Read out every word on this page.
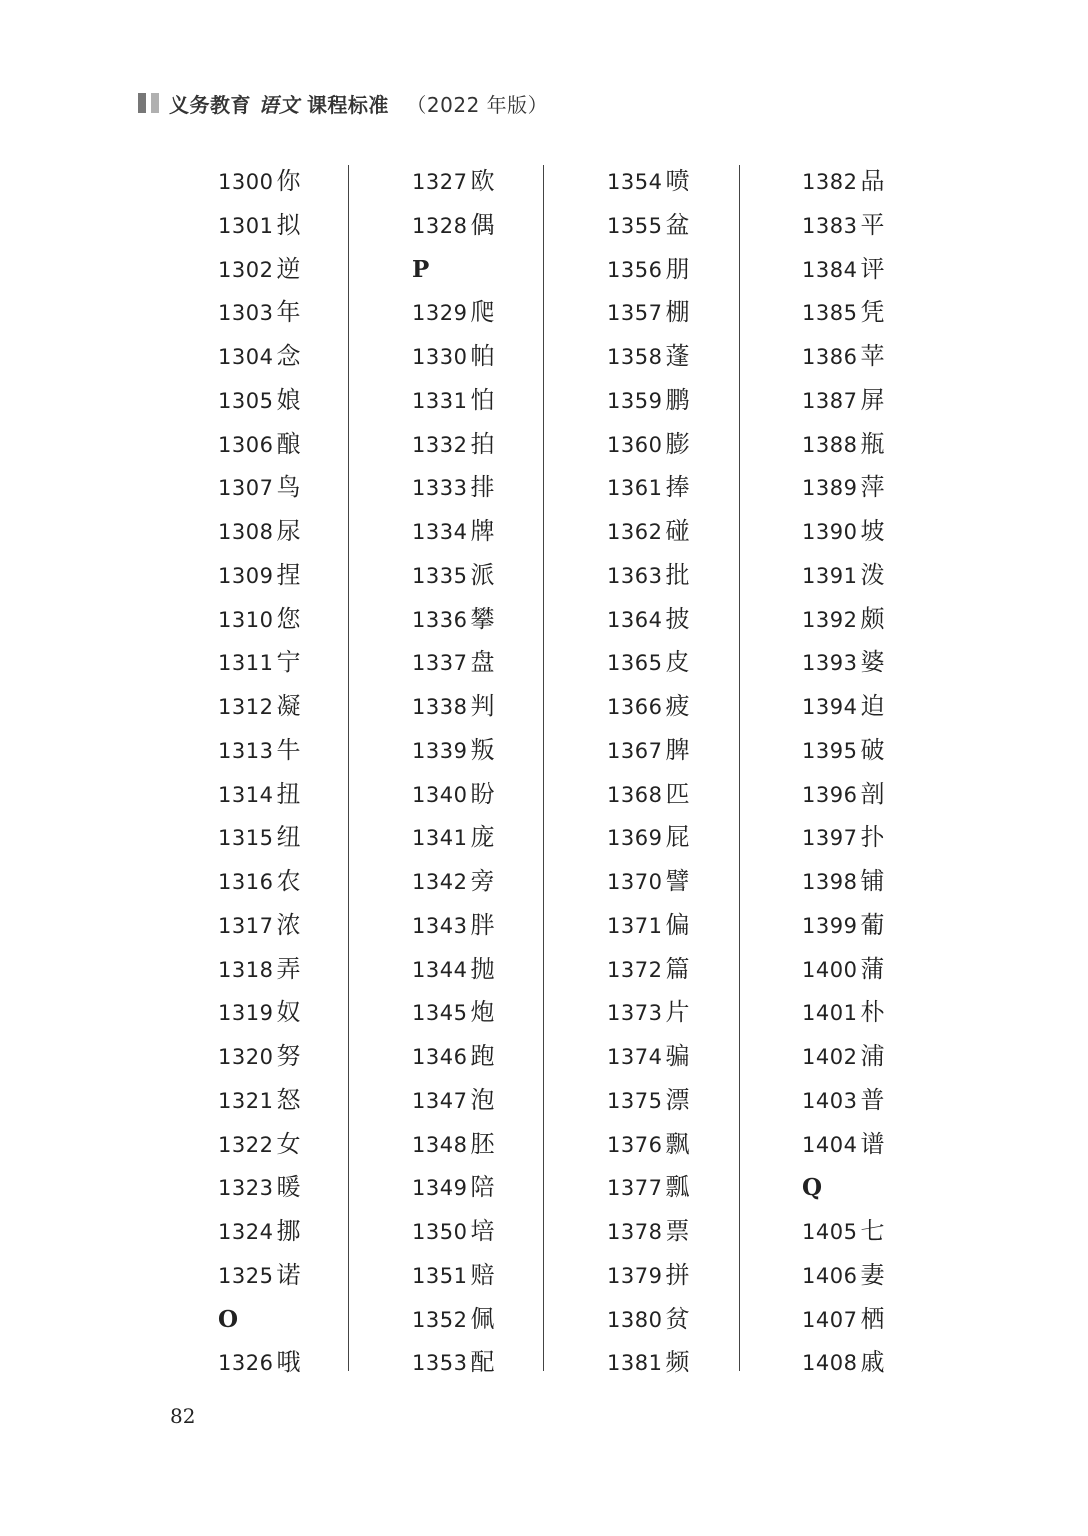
义务教育 语文 课程标准 （2022 年版）
1300 你
1301 拟
1302 逆
1303 年
1304 念
1305 娘
1306 酿
1307 鸟
1308 尿
1309 捏
1310 您
1311 宁
1312 凝
1313 牛
1314 扭
1315 纽
1316 农
1317 浓
1318 弄
1319 奴
1320 努
1321 怒
1322 女
1323 暖
1324 挪
1325 诺
O
1326 哦
1327 欧
1328 偶
P
1329 爬
1330 帕
1331 怕
1332 拍
1333 排
1334 牌
1335 派
1336 攀
1337 盘
1338 判
1339 叛
1340 盼
1341 庞
1342 旁
1343 胖
1344 抛
1345 炮
1346 跑
1347 泡
1348 胚
1349 陪
1350 培
1351 赔
1352 佩
1353 配
1354 喷
1355 盆
1356 朋
1357 棚
1358 蓬
1359 鹏
1360 膨
1361 捧
1362 碰
1363 批
1364 披
1365 皮
1366 疲
1367 脾
1368 匹
1369 屁
1370 譬
1371 偏
1372 篇
1373 片
1374 骗
1375 漂
1376 飘
1377 瓢
1378 票
1379 拼
1380 贫
1381 频
1382 品
1383 平
1384 评
1385 凭
1386 苹
1387 屏
1388 瓶
1389 萍
1390 坡
1391 泼
1392 颇
1393 婆
1394 迫
1395 破
1396 剖
1397 扑
1398 铺
1399 葡
1400 蒲
1401 朴
1402 浦
1403 普
1404 谱
Q
1405 七
1406 妻
1407 栖
1408 戚
82
